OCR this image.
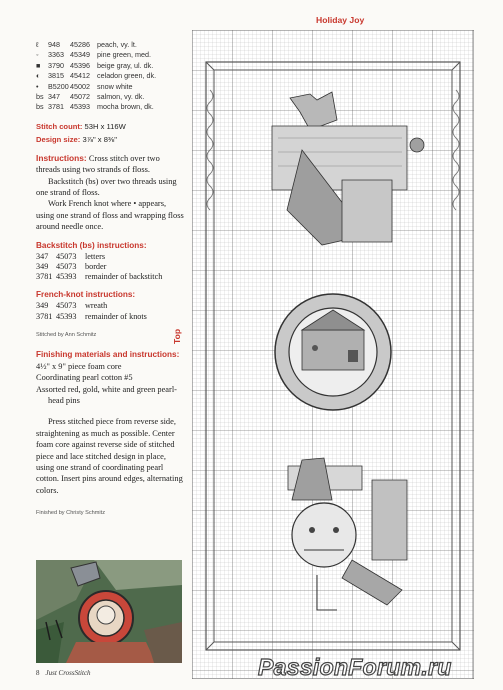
ℓ	948	45286 peach, vy. lt.
◦	3363 45349 pine green, med.
■	3790 45396 beige gray, ul. dk.
◐	3815 45412 celadon green, dk.
•	B5200 45002 snow white
bs 347	45072 salmon, vy. dk.
bs 3781 45393 mocha brown, dk.
Stitch count: 53H x 116W
Design size: 3⅞" x 8⅜"

Instructions: Cross stitch over two threads using two strands of floss.

Backstitch (bs) over two threads using one strand of floss.

Work French knot where • appears, using one strand of floss and wrapping floss around needle once.

Backstitch (bs) instructions:
347 45073	letters
349 45073	border
3781 45393	remainder of backstitch
French-knot instructions:
349 45073	wreath
3781 45393	remainder of knots
Stitched by Ann Schmitz
Finishing materials and instructions:

4½" x 9" piece foam core

Coordinating pearl cotton #5

Assorted red, gold, white and green pearl-head pins

Press stitched piece from reverse side, straightening as much as possible. Center foam core against reverse side of stitched piece and lace stitched design in place, using one strand of coordinating pearl cotton. Insert pins around edges, alternating colors.

Finished by Christy Schmitz
8 Just CrossStitch
Holiday Joy
Top
PassionForum.ru
